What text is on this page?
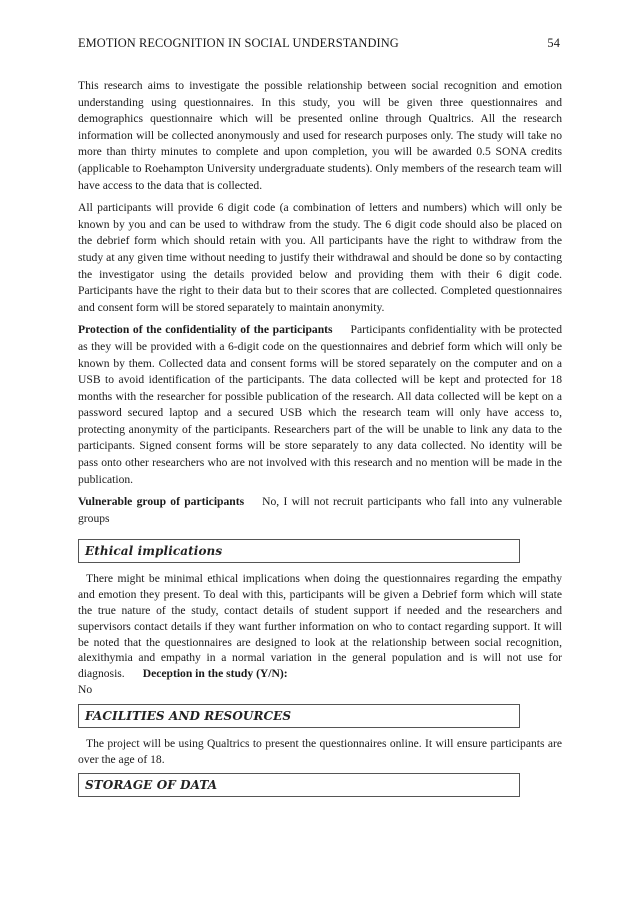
EMOTION RECOGNITION IN SOCIAL UNDERSTANDING	54

This research aims to investigate the possible relationship between social recognition and emotion understanding using questionnaires. In this study, you will be given three questionnaires and demographics questionnaire which will be presented online through Qualtrics. All the research information will be collected anonymously and used for research purposes only. The study will take no more than thirty minutes to complete and upon completion, you will be awarded 0.5 SONA credits (applicable to Roehampton University undergraduate students). Only members of the research team will have access to the data that is collected.

All participants will provide 6 digit code (a combination of letters and numbers) which will only be known by you and can be used to withdraw from the study. The 6 digit code should also be placed on the debrief form which should retain with you. All participants have the right to withdraw from the study at any given time without needing to justify their withdrawal and should be done so by contacting the investigator using the details provided below and providing them with their 6 digit code. Participants have the right to their data but to their scores that are collected. Completed questionnaires and consent form will be stored separately to maintain anonymity.

Protection of the confidentiality of the participants Participants confidentiality with be protected as they will be provided with a 6-digit code on the questionnaires and debrief form which will only be known by them. Collected data and consent forms will be stored separately on the computer and on a USB to avoid identification of the participants. The data collected will be kept and protected for 18 months with the researcher for possible publication of the research. All data collected will be kept on a password secured laptop and a secured USB which the research team will only have access to, protecting anonymity of the participants. Researchers part of the will be unable to link any data to the participants. Signed consent forms will be store separately to any data collected. No identity will be pass onto other researchers who are not involved with this research and no mention will be made in the publication.

Vulnerable group of participants No, I will not recruit participants who fall into any vulnerable groups

Ethical implications

There might be minimal ethical implications when doing the questionnaires regarding the empathy and emotion they present. To deal with this, participants will be given a Debrief form which will state the true nature of the study, contact details of student support if needed and the researchers and supervisors contact details if they want further information on who to contact regarding support. It will be noted that the questionnaires are designed to look at the relationship between social recognition, alexithymia and empathy in a normal variation in the general population and is will not use for diagnosis. Deception in the study (Y/N):
No

FACILITIES AND RESOURCES

The project will be using Qualtrics to present the questionnaires online. It will ensure participants are over the age of 18.

STORAGE OF DATA
